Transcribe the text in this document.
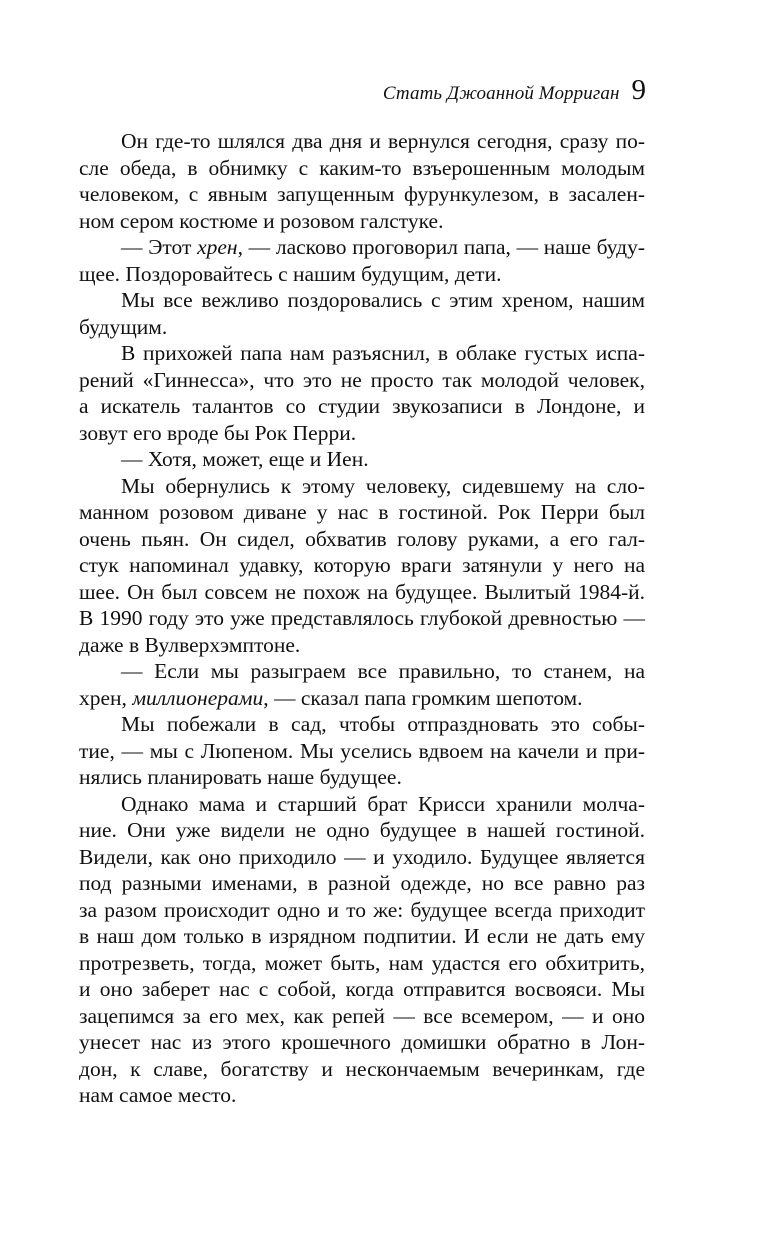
Стать Джоанной Морриган 9
Он где-то шлялся два дня и вернулся сегодня, сразу по-
сле обеда, в обнимку с каким-то взъерошенным молодым
человеком, с явным запущенным фурункулезом, в засален-
ном сером костюме и розовом галстуке.
— Этот хрен, — ласково проговорил папа, — наше буду-
щее. Поздоровайтесь с нашим будущим, дети.
Мы все вежливо поздоровались с этим хреном, нашим
будущим.
В прихожей папа нам разъяснил, в облаке густых испа-
рений «Гиннесса», что это не просто так молодой человек,
а искатель талантов со студии звукозаписи в Лондоне, и
зовут его вроде бы Рок Перри.
— Хотя, может, еще и Иен.
Мы обернулись к этому человеку, сидевшему на сло-
манном розовом диване у нас в гостиной. Рок Перри был
очень пьян. Он сидел, обхватив голову руками, а его гал-
стук напоминал удавку, которую враги затянули у него на
шее. Он был совсем не похож на будущее. Вылитый 1984-й.
В 1990 году это уже представлялось глубокой древностью —
даже в Вулверхэмптоне.
— Если мы разыграем все правильно, то станем, на
хрен, миллионерами, — сказал папа громким шепотом.
Мы побежали в сад, чтобы отпраздновать это собы-
тие, — мы с Люпеном. Мы уселись вдвоем на качели и при-
нялись планировать наше будущее.
Однако мама и старший брат Крисси хранили молча-
ние. Они уже видели не одно будущее в нашей гостиной.
Видели, как оно приходило — и уходило. Будущее является
под разными именами, в разной одежде, но все равно раз
за разом происходит одно и то же: будущее всегда приходит
в наш дом только в изрядном подпитии. И если не дать ему
протрезветь, тогда, может быть, нам удастся его обхитрить,
и оно заберет нас с собой, когда отправится восвояси. Мы
зацепимся за его мех, как репей — все всемером, — и оно
унесет нас из этого крошечного домишки обратно в Лон-
дон, к славе, богатству и нескончаемым вечеринкам, где
нам самое место.
